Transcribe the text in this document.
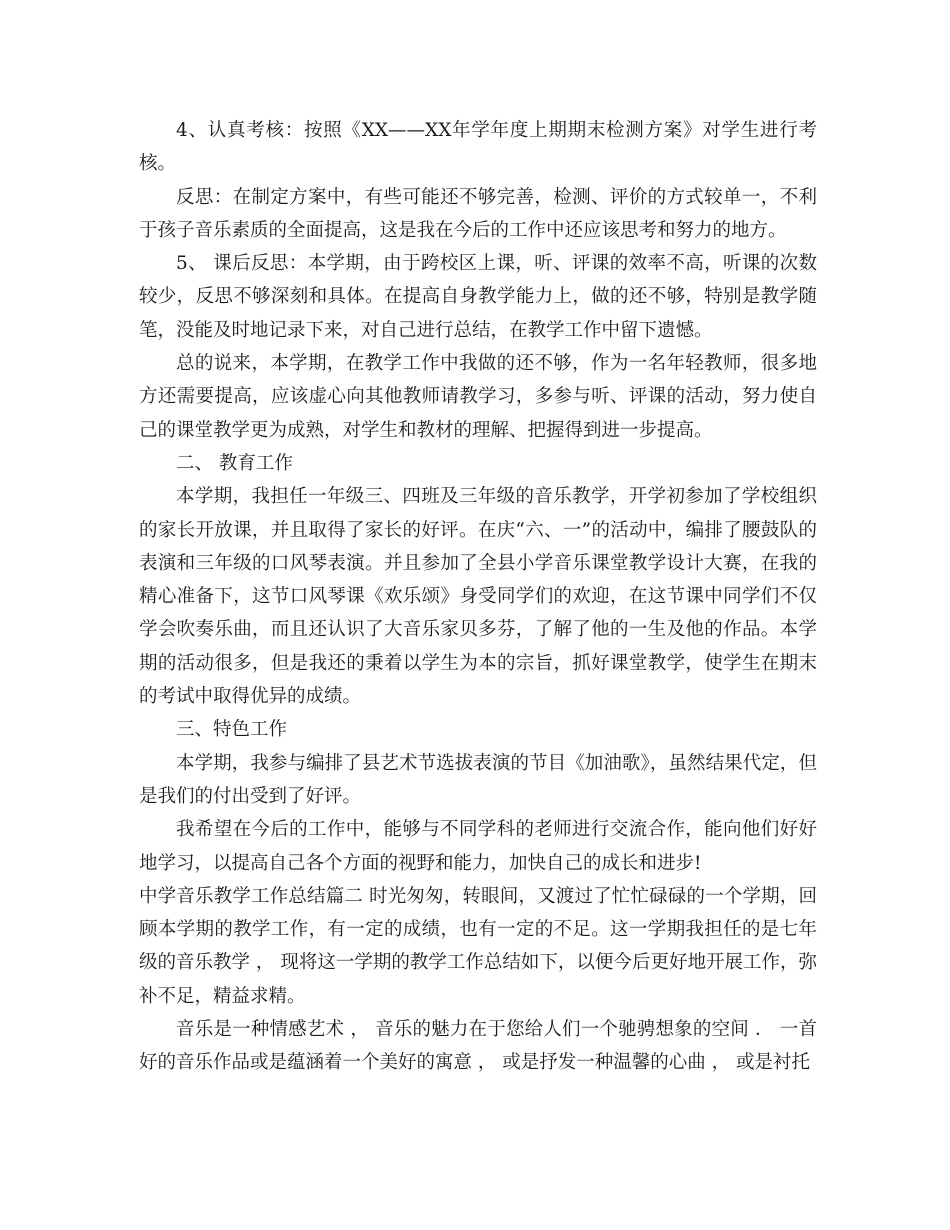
4、认真考核：按照《XX——XX年学年度上期期末检测方案》对学生进行考核。

反思：在制定方案中，有些可能还不够完善，检测、评价的方式较单一，不利于孩子音乐素质的全面提高，这是我在今后的工作中还应该思考和努力的地方。

5、 课后反思：本学期，由于跨校区上课，听、评课的效率不高，听课的次数较少，反思不够深刻和具体。在提高自身教学能力上，做的还不够，特别是教学随笔，没能及时地记录下来，对自己进行总结，在教学工作中留下遗憾。

总的说来，本学期，在教学工作中我做的还不够，作为一名年轻教师，很多地方还需要提高，应该虚心向其他教师请教学习，多参与听、评课的活动，努力使自己的课堂教学更为成熟，对学生和教材的理解、把握得到进一步提高。

二、 教育工作

本学期，我担任一年级三、四班及三年级的音乐教学，开学初参加了学校组织的家长开放课，并且取得了家长的好评。在庆“六、一”的活动中，编排了腰鼓队的表演和三年级的口风琴表演。并且参加了全县小学音乐课堂教学设计大赛，在我的精心准备下，这节口风琴课《欢乐颂》身受同学们的欢迎，在这节课中同学们不仅学会吹奏乐曲，而且还认识了大音乐家贝多芬，了解了他的一生及他的作品。本学期的活动很多，但是我还的秉着以学生为本的宗旨，抓好课堂教学，使学生在期末的考试中取得优异的成绩。

三、特色工作

本学期，我参与编排了县艺术节选拔表演的节目《加油歌》，虽然结果代定，但是我们的付出受到了好评。

我希望在今后的工作中，能够与不同学科的老师进行交流合作，能向他们好好地学习，以提高自己各个方面的视野和能力，加快自己的成长和进步!

中学音乐教学工作总结篇二 时光匆匆，转眼间，又渡过了忙忙碌碌的一个学期，回顾本学期的教学工作，有一定的成绩，也有一定的不足。这一学期我担任的是七年级的音乐教学 ， 现将这一学期的教学工作总结如下，以便今后更好地开展工作，弥补不足，精益求精。

音乐是一种情感艺术 ， 音乐的魅力在于您给人们一个驰骋想象的空间 ． 一首好的音乐作品或是蕴涵着一个美好的寓意 ， 或是抒发一种温馨的心曲 ， 或是衬托
